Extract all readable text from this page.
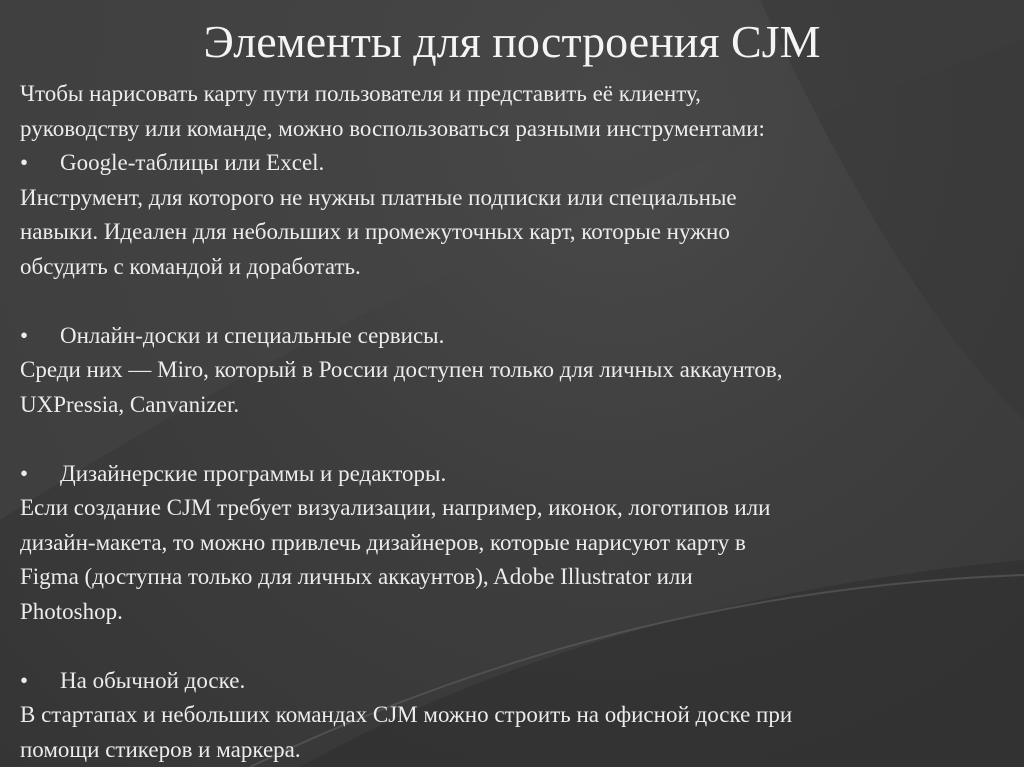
Элементы для построения CJM
Чтобы нарисовать карту пути пользователя и представить её клиенту,
руководству или команде, можно воспользоваться разными инструментами:
• Google-таблицы или Excel.
Инструмент, для которого не нужны платные подписки или специальные
навыки. Идеален для небольших и промежуточных карт, которые нужно
обсудить с командой и доработать.
• Онлайн-доски и специальные сервисы.
Среди них — Miro, который в России доступен только для личных аккаунтов,
UXPressia, Canvanizer.
• Дизайнерские программы и редакторы.
Если создание CJM требует визуализации, например, иконок, логотипов или
дизайн-макета, то можно привлечь дизайнеров, которые нарисуют карту в
Figma (доступна только для личных аккаунтов), Adobe Illustrator или
Photoshop.
• На обычной доске.
В стартапах и небольших командах CJM можно строить на офисной доске при
помощи стикеров и маркера.
